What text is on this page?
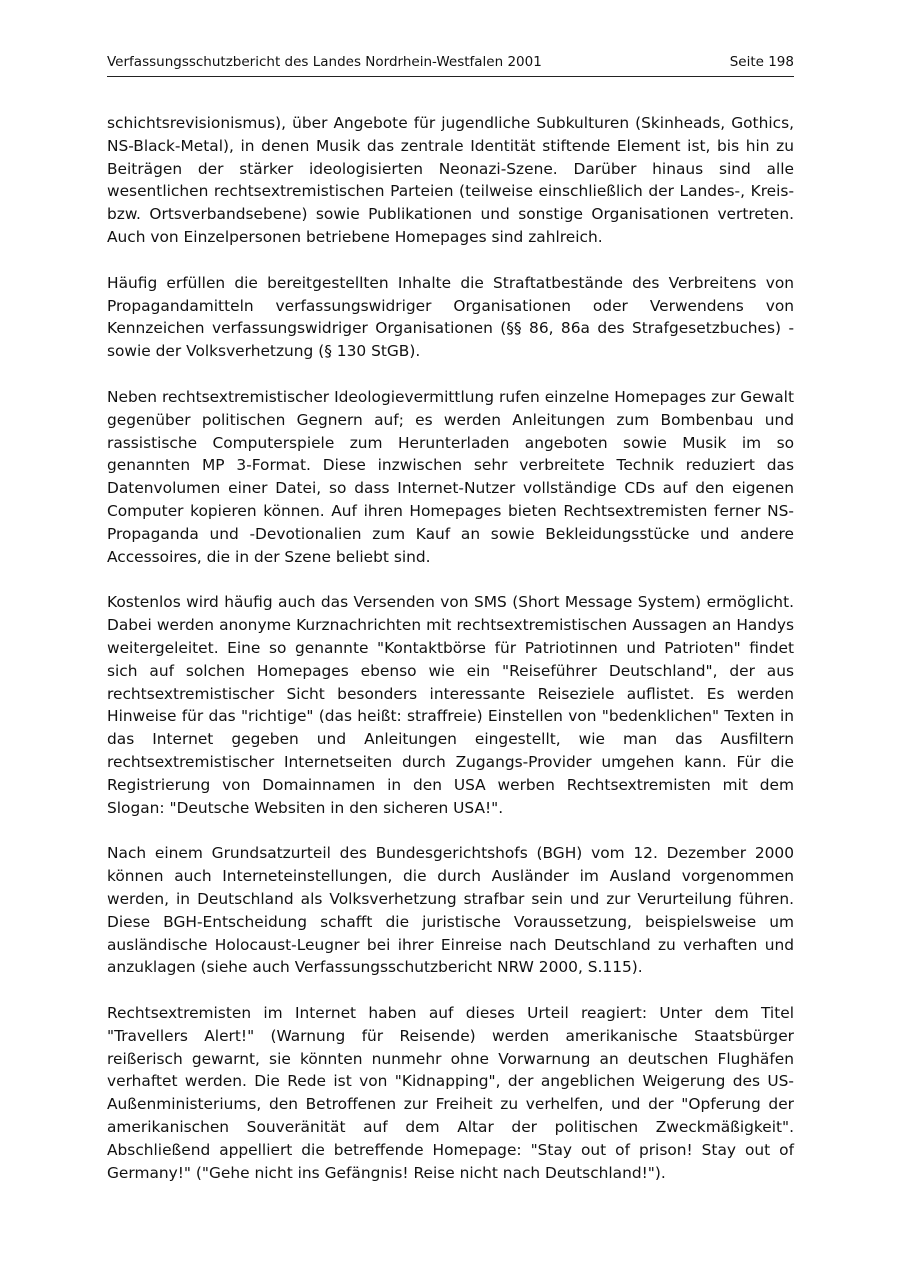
Verfassungsschutzbericht des Landes Nordrhein-Westfalen 2001	Seite 198

schichtsrevisionismus), über Angebote für jugendliche Subkulturen (Skinheads, Gothics, NS-Black-Metal), in denen Musik das zentrale Identität stiftende Element ist, bis hin zu Beiträgen der stärker ideologisierten Neonazi-Szene. Darüber hinaus sind alle wesentlichen rechtsextremistischen Parteien (teilweise einschließlich der Landes-, Kreis- bzw. Ortsverbandsebene) sowie Publikationen und sonstige Organisationen vertreten. Auch von Einzelpersonen betriebene Homepages sind zahlreich.

Häufig erfüllen die bereitgestellten Inhalte die Straftatbestände des Verbreitens von Propagandamitteln verfassungswidriger Organisationen oder Verwendens von Kennzeichen verfassungswidriger Organisationen (§§ 86, 86a des Strafgesetzbuches) - sowie der Volksverhetzung (§ 130 StGB).

Neben rechtsextremistischer Ideologievermittlung rufen einzelne Homepages zur Gewalt gegenüber politischen Gegnern auf; es werden Anleitungen zum Bombenbau und rassistische Computerspiele zum Herunterladen angeboten sowie Musik im so genannten MP 3-Format. Diese inzwischen sehr verbreitete Technik reduziert das Datenvolumen einer Datei, so dass Internet-Nutzer vollständige CDs auf den eigenen Computer kopieren können. Auf ihren Homepages bieten Rechtsextremisten ferner NS-Propaganda und -Devotionalien zum Kauf an sowie Bekleidungsstücke und andere Accessoires, die in der Szene beliebt sind.

Kostenlos wird häufig auch das Versenden von SMS (Short Message System) ermöglicht. Dabei werden anonyme Kurznachrichten mit rechtsextremistischen Aussagen an Handys weitergeleitet. Eine so genannte "Kontaktbörse für Patriotinnen und Patrioten" findet sich auf solchen Homepages ebenso wie ein "Reiseführer Deutschland", der aus rechtsextremistischer Sicht besonders interessante Reiseziele auflistet. Es werden Hinweise für das "richtige" (das heißt: straffreie) Einstellen von "bedenklichen" Texten in das Internet gegeben und Anleitungen eingestellt, wie man das Ausfiltern rechtsextremistischer Internetseiten durch Zugangs-Provider umgehen kann. Für die Registrierung von Domainnamen in den USA werben Rechtsextremisten mit dem Slogan: "Deutsche Websiten in den sicheren USA!".

Nach einem Grundsatzurteil des Bundesgerichtshofs (BGH) vom 12. Dezember 2000 können auch Interneteinstellungen, die durch Ausländer im Ausland vorgenommen werden, in Deutschland als Volksverhetzung strafbar sein und zur Verurteilung führen. Diese BGH-Entscheidung schafft die juristische Voraussetzung, beispielsweise um ausländische Holocaust-Leugner bei ihrer Einreise nach Deutschland zu verhaften und anzuklagen (siehe auch Verfassungsschutzbericht NRW 2000, S.115).

Rechtsextremisten im Internet haben auf dieses Urteil reagiert: Unter dem Titel "Travellers Alert!" (Warnung für Reisende) werden amerikanische Staatsbürger reißerisch gewarnt, sie könnten nunmehr ohne Vorwarnung an deutschen Flughäfen verhaftet werden. Die Rede ist von "Kidnapping", der angeblichen Weigerung des US-Außenministeriums, den Betroffenen zur Freiheit zu verhelfen, und der "Opferung der amerikanischen Souveränität auf dem Altar der politischen Zweckmäßigkeit". Abschließend appelliert die betreffende Homepage: "Stay out of prison! Stay out of Germany!" ("Gehe nicht ins Gefängnis! Reise nicht nach Deutschland!").
